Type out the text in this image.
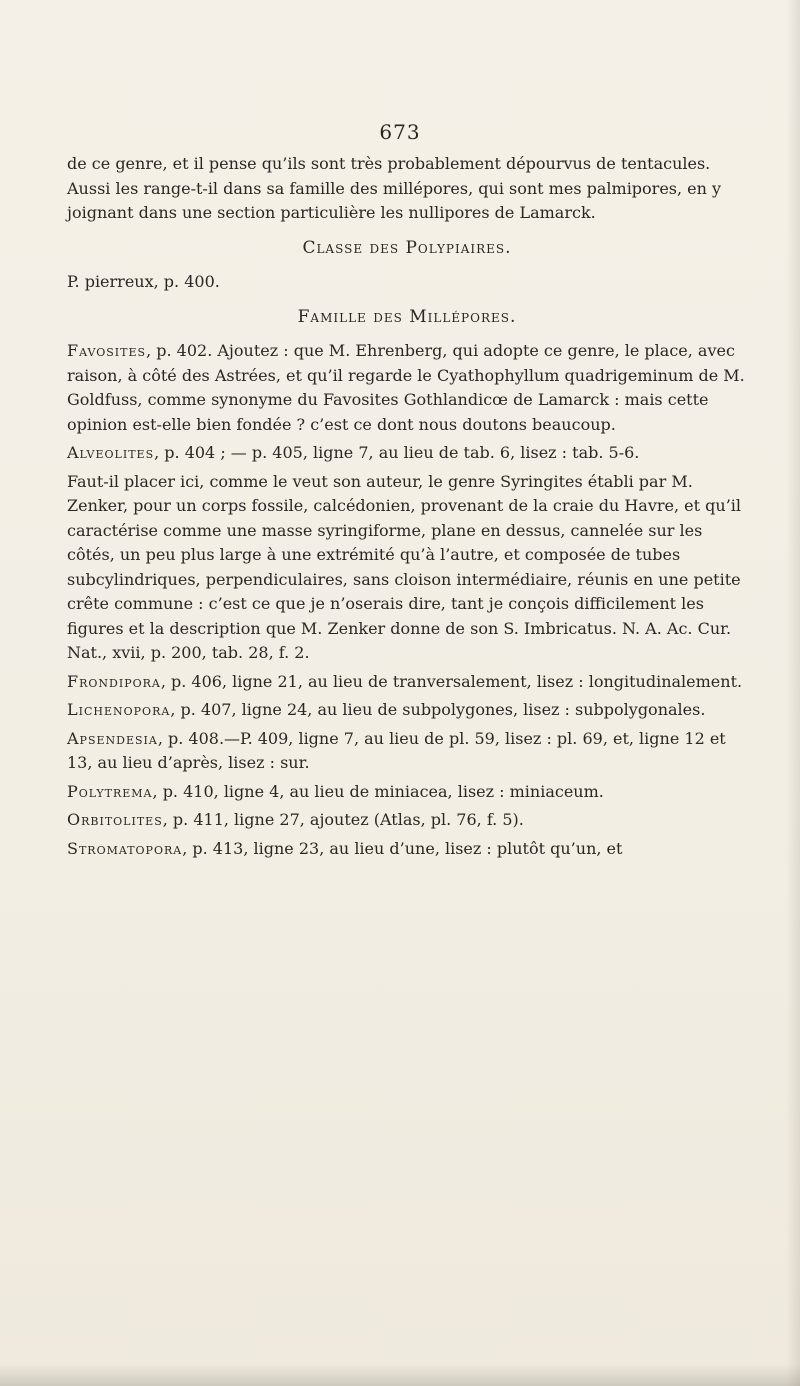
673

de ce genre, et il pense qu’ils sont très probablement dépourvus de tentacules. Aussi les range-t-il dans sa famille des millépores, qui sont mes palmipores, en y joignant dans une section particulière les nullipores de Lamarck.

Classe des Polypiaires.

P. pierreux, p. 400.

Famille des Millépores.

Favosites, p. 402. Ajoutez : que M. Ehrenberg, qui adopte ce genre, le place, avec raison, à côté des Astrées, et qu’il regarde le Cyathophyllum quadrigeminum de M. Goldfuss, comme synonyme du Favosites Gothlandicœ de Lamarck : mais cette opinion est-elle bien fondée ? c’est ce dont nous doutons beaucoup.

Alveolites, p. 404 ; — p. 405, ligne 7, au lieu de tab. 6, lisez : tab. 5-6.

Faut-il placer ici, comme le veut son auteur, le genre Syringites établi par M. Zenker, pour un corps fossile, calcédonien, provenant de la craie du Havre, et qu’il caractérise comme une masse syringiforme, plane en dessus, cannelée sur les côtés, un peu plus large à une extrémité qu’à l’autre, et composée de tubes subcylindriques, perpendiculaires, sans cloison intermédiaire, réunis en une petite crête commune : c’est ce que je n’oserais dire, tant je conçois difficilement les figures et la description que M. Zenker donne de son S. Imbricatus. N. A. Ac. Cur. Nat., xvii, p. 200, tab. 28, f. 2.

Frondipora, p. 406, ligne 21, au lieu de tranversalement, lisez : longitudinalement.

Lichenopora, p. 407, ligne 24, au lieu de subpolygones, lisez : subpolygonales.

Apsendesia, p. 408.—P. 409, ligne 7, au lieu de pl. 59, lisez : pl. 69, et, ligne 12 et 13, au lieu d’après, lisez : sur.

Polytrema, p. 410, ligne 4, au lieu de miniacea, lisez : miniaceum.

Orbitolites, p. 411, ligne 27, ajoutez (Atlas, pl. 76, f. 5).

Stromatopora, p. 413, ligne 23, au lieu d’une, lisez : plutôt qu’un, et
